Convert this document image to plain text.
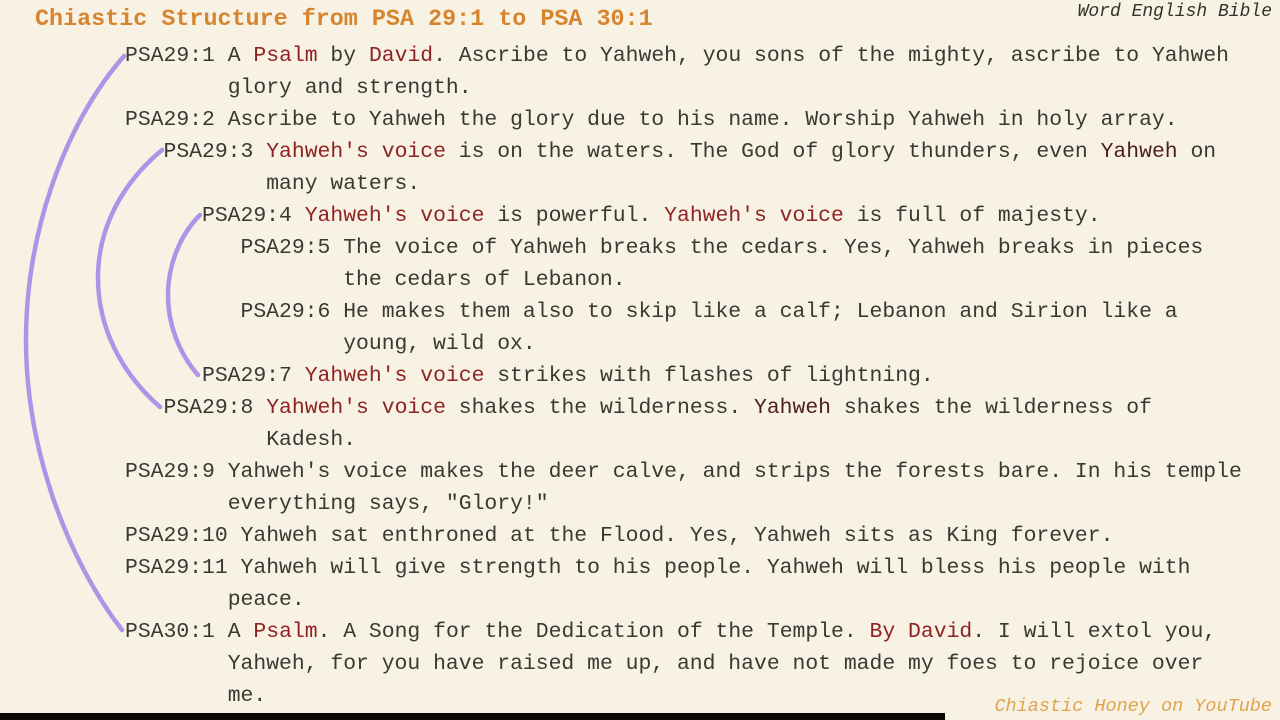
Chiastic Structure from PSA 29:1 to PSA 30:1	Word English Bible
PSA29:1 A Psalm by David. Ascribe to Yahweh, you sons of the mighty, ascribe to Yahweh glory and strength.
PSA29:2 Ascribe to Yahweh the glory due to his name. Worship Yahweh in holy array.
PSA29:3 Yahweh's voice is on the waters. The God of glory thunders, even Yahweh on many waters.
PSA29:4 Yahweh's voice is powerful. Yahweh's voice is full of majesty.
PSA29:5 The voice of Yahweh breaks the cedars. Yes, Yahweh breaks in pieces the cedars of Lebanon.
PSA29:6 He makes them also to skip like a calf; Lebanon and Sirion like a young, wild ox.
PSA29:7 Yahweh's voice strikes with flashes of lightning.
PSA29:8 Yahweh's voice shakes the wilderness. Yahweh shakes the wilderness of Kadesh.
PSA29:9 Yahweh's voice makes the deer calve, and strips the forests bare. In his temple everything says, "Glory!"
PSA29:10 Yahweh sat enthroned at the Flood. Yes, Yahweh sits as King forever.
PSA29:11 Yahweh will give strength to his people. Yahweh will bless his people with peace.
PSA30:1 A Psalm. A Song for the Dedication of the Temple. By David. I will extol you, Yahweh, for you have raised me up, and have not made my foes to rejoice over me.	Chiastic Honey on YouTube
